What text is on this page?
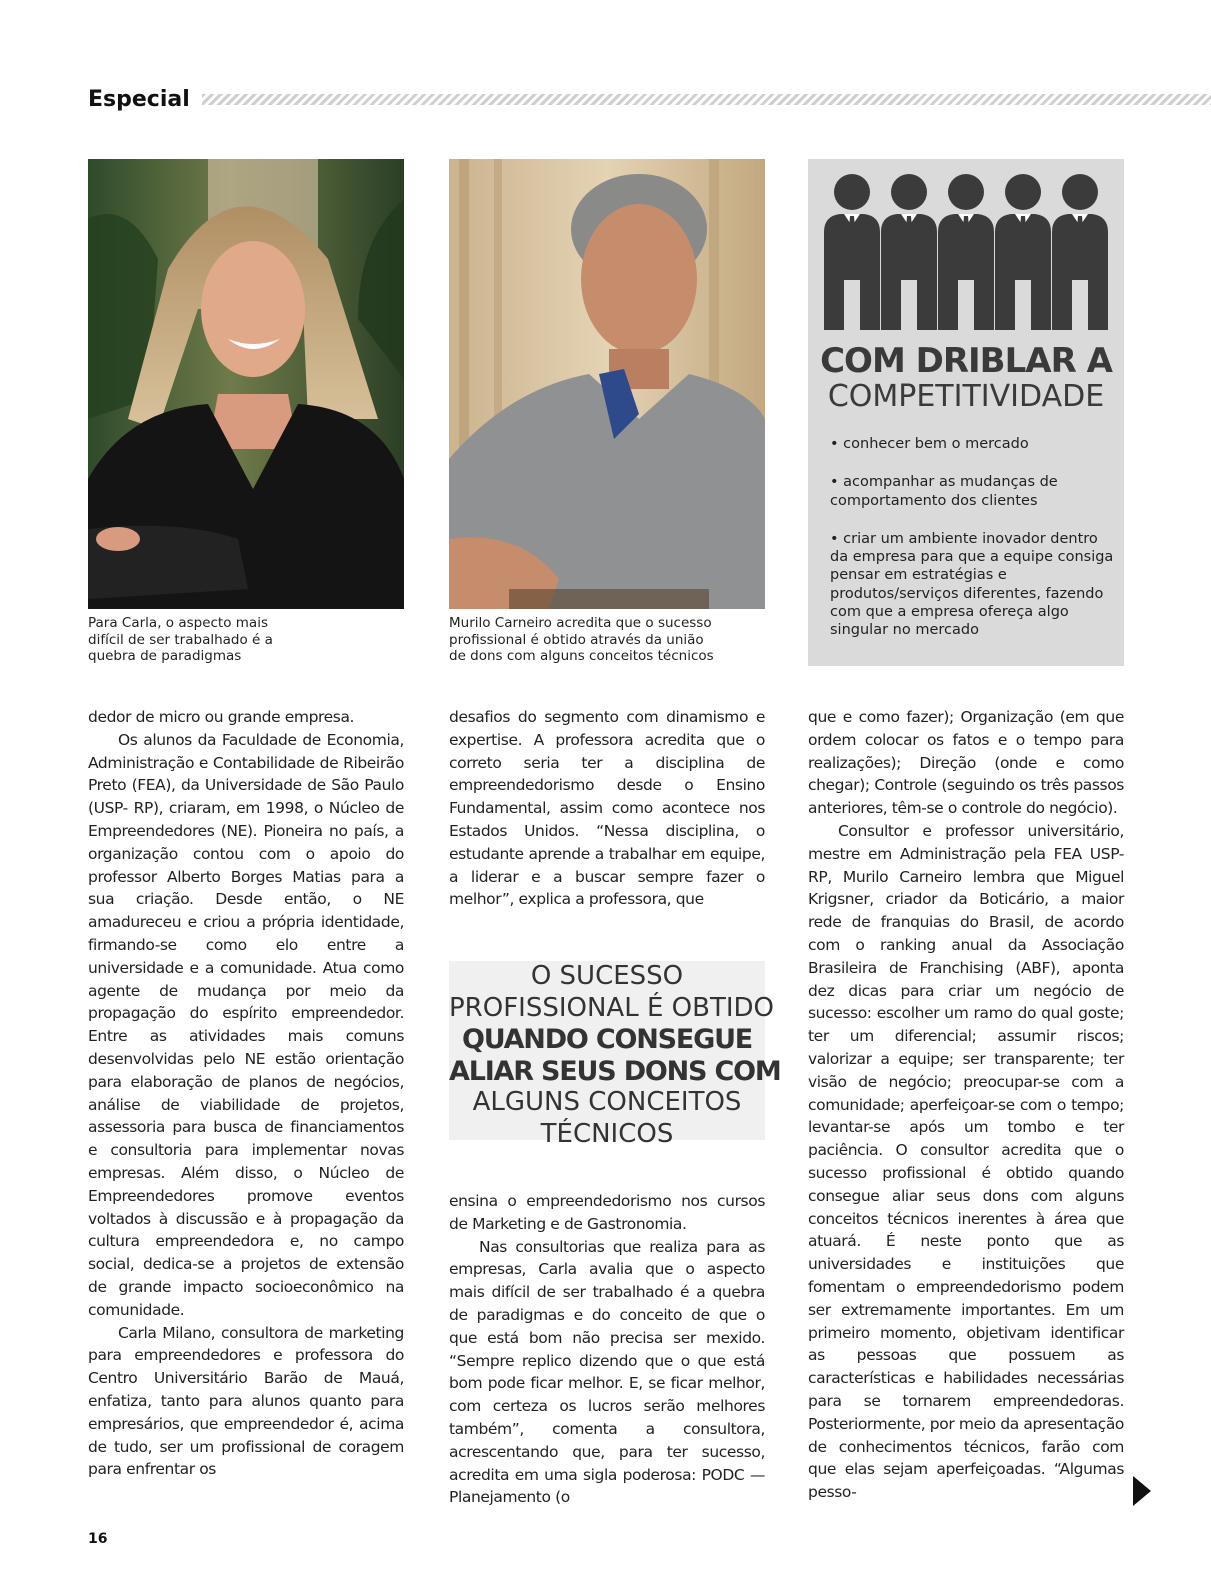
Especial

Para Carla, o aspecto mais difícil de ser trabalhado é a quebra de paradigmas

Murilo Carneiro acredita que o sucesso profissional é obtido através da união de dons com alguns conceitos técnicos

COM DRIBLAR A

COMPETITIVIDADE

• conhecer bem o mercado
• acompanhar as mudanças de comportamento dos clientes
• criar um ambiente inovador dentro da empresa para que a equipe consiga pensar em estratégias e produtos/serviços diferentes, fazendo com que a empresa ofereça algo singular no mercado

dedor de micro ou grande empresa.

Os alunos da Faculdade de Economia, Administração e Contabilidade de Ribeirão Preto (FEA), da Universidade de São Paulo (USP- RP), criaram, em 1998, o Núcleo de Empreendedores (NE). Pioneira no país, a organização contou com o apoio do professor Alberto Borges Matias para a sua criação. Desde então, o NE amadureceu e criou a própria identidade, firmando-se como elo entre a universidade e a comunidade. Atua como agente de mudança por meio da propagação do espírito empreendedor. Entre as atividades mais comuns desenvolvidas pelo NE estão orientação para elaboração de planos de negócios, análise de viabilidade de projetos, assessoria para busca de financiamentos e consultoria para implementar novas empresas. Além disso, o Núcleo de Empreendedores promove eventos voltados à discussão e à propagação da cultura empreendedora e, no campo social, dedica-se a projetos de extensão de grande impacto socioeconômico na comunidade.

Carla Milano, consultora de marketing para empreendedores e professora do Centro Universitário Barão de Mauá, enfatiza, tanto para alunos quanto para empresários, que empreendedor é, acima de tudo, ser um profissional de coragem para enfrentar os

desafios do segmento com dinamismo e expertise. A professora acredita que o correto seria ter a disciplina de empreendedorismo desde o Ensino Fundamental, assim como acontece nos Estados Unidos. “Nessa disciplina, o estudante aprende a trabalhar em equipe, a liderar e a buscar sempre fazer o melhor”, explica a professora, que

O SUCESSO
PROFISSIONAL É OBTIDO
QUANDO CONSEGUE
ALIAR SEUS DONS COM
ALGUNS CONCEITOS
TÉCNICOS

ensina o empreendedorismo nos cursos de Marketing e de Gastronomia.

Nas consultorias que realiza para as empresas, Carla avalia que o aspecto mais difícil de ser trabalhado é a quebra de paradigmas e do conceito de que o que está bom não precisa ser mexido. “Sempre replico dizendo que o que está bom pode ficar melhor. E, se ficar melhor, com certeza os lucros serão melhores também”, comenta a consultora, acrescentando que, para ter sucesso, acredita em uma sigla poderosa: PODC — Planejamento (o

que e como fazer); Organização (em que ordem colocar os fatos e o tempo para realizações); Direção (onde e como chegar); Controle (seguindo os três passos anteriores, têm-se o controle do negócio).

Consultor e professor universitário, mestre em Administração pela FEA USP-RP, Murilo Carneiro lembra que Miguel Krigsner, criador da Boticário, a maior rede de franquias do Brasil, de acordo com o ranking anual da Associação Brasileira de Franchising (ABF), aponta dez dicas para criar um negócio de sucesso: escolher um ramo do qual goste; ter um diferencial; assumir riscos; valorizar a equipe; ser transparente; ter visão de negócio; preocupar-se com a comunidade; aperfeiçoar-se com o tempo; levantar-se após um tombo e ter paciência. O consultor acredita que o sucesso profissional é obtido quando consegue aliar seus dons com alguns conceitos técnicos inerentes à área que atuará. É neste ponto que as universidades e instituições que fomentam o empreendedorismo podem ser extremamente importantes. Em um primeiro momento, objetivam identificar as pessoas que possuem as características e habilidades necessárias para se tornarem empreendedoras. Posteriormente, por meio da apresentação de conhecimentos técnicos, farão com que elas sejam aperfeiçoadas. “Algumas pesso-

16
